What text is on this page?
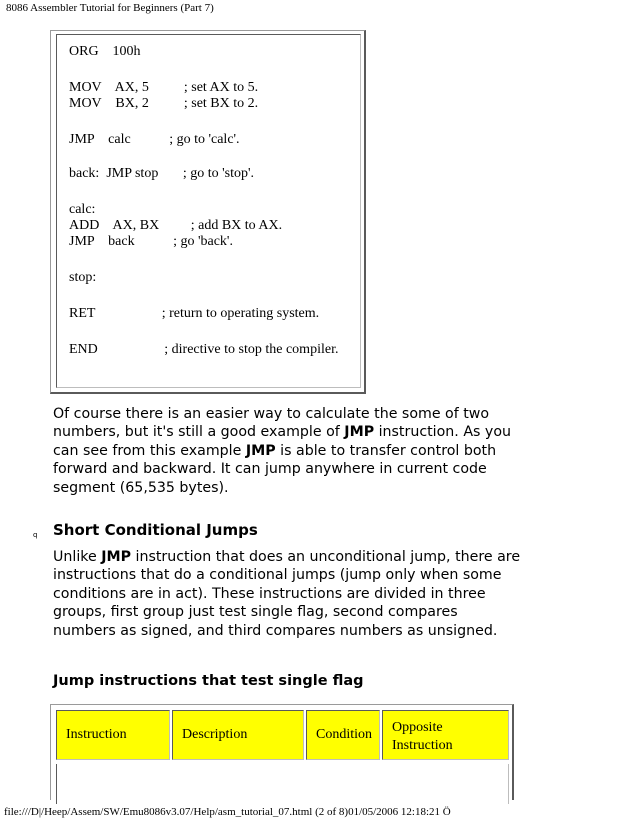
8086 Assembler Tutorial for Beginners (Part 7)
ORG    100h
MOV    AX, 5          ; set AX to 5.
MOV    BX, 2          ; set BX to 2.
JMP    calc           ; go to 'calc'.
back:  JMP stop       ; go to 'stop'.
calc:
ADD    AX, BX         ; add BX to AX.
JMP    back           ; go 'back'.
stop:
RET                   ; return to operating system.
END                   ; directive to stop the compiler.

Of course there is an easier way to calculate the some of two numbers, but it's still a good example of JMP instruction. As you can see from this example JMP is able to transfer control both forward and backward. It can jump anywhere in current code segment (65,535 bytes).

q Short Conditional Jumps

Unlike JMP instruction that does an unconditional jump, there are instructions that do a conditional jumps (jump only when some conditions are in act). These instructions are divided in three groups, first group just test single flag, second compares numbers as signed, and third compares numbers as unsigned.

Jump instructions that test single flag
Instruction	Description	Condition Opposite
Instruction
file:///D|/Heep/Assem/SW/Emu8086v3.07/Help/asm_tutorial_07.html (2 of 8)01/05/2006 12:18:21 Ö
